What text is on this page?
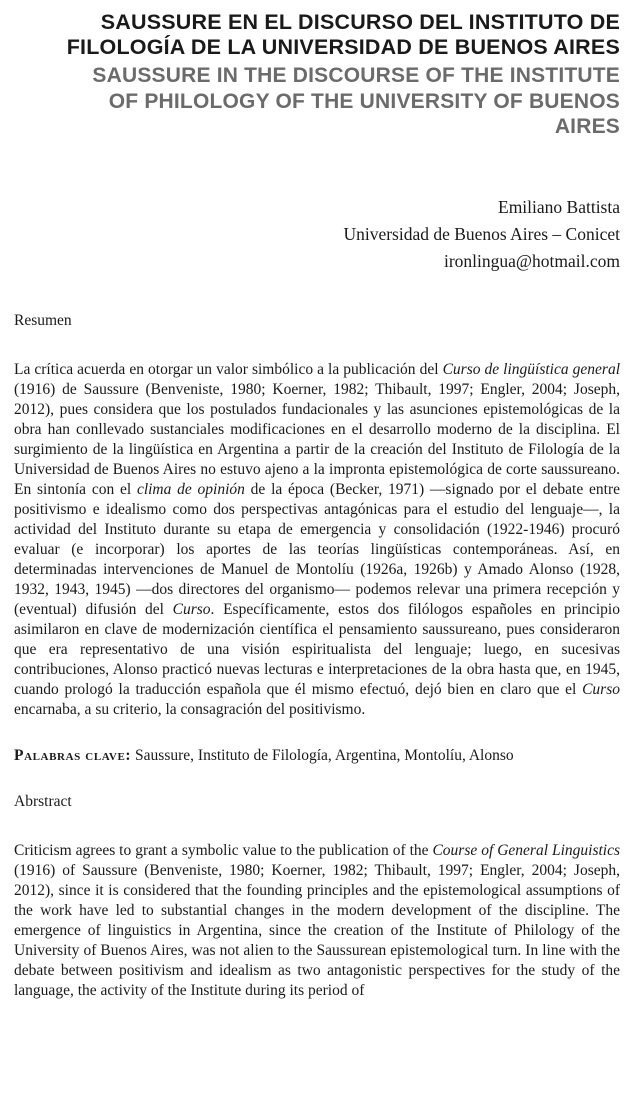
SAUSSURE EN EL DISCURSO DEL INSTITUTO DE
FILOLOGÍA DE LA UNIVERSIDAD DE BUENOS AIRES
SAUSSURE IN THE DISCOURSE OF THE INSTITUTE
OF PHILOLOGY OF THE UNIVERSITY OF BUENOS
AIRES
Emiliano Battista
Universidad de Buenos Aires – Conicet
ironlingua@hotmail.com

Resumen

La crítica acuerda en otorgar un valor simbólico a la publicación del Curso de lingüística general (1916) de Saussure (Benveniste, 1980; Koerner, 1982; Thibault, 1997; Engler, 2004; Joseph, 2012), pues considera que los postulados fundacionales y las asunciones epistemológicas de la obra han conllevado sustanciales modificaciones en el desarrollo moderno de la disciplina. El surgimiento de la lingüística en Argentina a partir de la creación del Instituto de Filología de la Universidad de Buenos Aires no estuvo ajeno a la impronta epistemológica de corte saussureano. En sintonía con el clima de opinión de la época (Becker, 1971) —signado por el debate entre positivismo e idealismo como dos perspectivas antagónicas para el estudio del lenguaje—, la actividad del Instituto durante su etapa de emergencia y consolidación (1922-1946) procuró evaluar (e incorporar) los aportes de las teorías lingüísticas contemporáneas. Así, en determinadas intervenciones de Manuel de Montolíu (1926a, 1926b) y Amado Alonso (1928, 1932, 1943, 1945) —dos directores del organismo— podemos relevar una primera recepción y (eventual) difusión del Curso. Específicamente, estos dos filólogos españoles en principio asimilaron en clave de modernización científica el pensamiento saussureano, pues consideraron que era representativo de una visión espiritualista del lenguaje; luego, en sucesivas contribuciones, Alonso practicó nuevas lecturas e interpretaciones de la obra hasta que, en 1945, cuando prologó la traducción española que él mismo efectuó, dejó bien en claro que el Curso encarnaba, a su criterio, la consagración del positivismo.

Palabras clave: Saussure, Instituto de Filología, Argentina, Montolíu, Alonso

Abrstract

Criticism agrees to grant a symbolic value to the publication of the Course of General Linguistics (1916) of Saussure (Benveniste, 1980; Koerner, 1982; Thibault, 1997; Engler, 2004; Joseph, 2012), since it is considered that the founding principles and the epistemological assumptions of the work have led to substantial changes in the modern development of the discipline. The emergence of linguistics in Argentina, since the creation of the Institute of Philology of the University of Buenos Aires, was not alien to the Saussurean epistemological turn. In line with the debate between positivism and idealism as two antagonistic perspectives for the study of the language, the activity of the Institute during its period of
